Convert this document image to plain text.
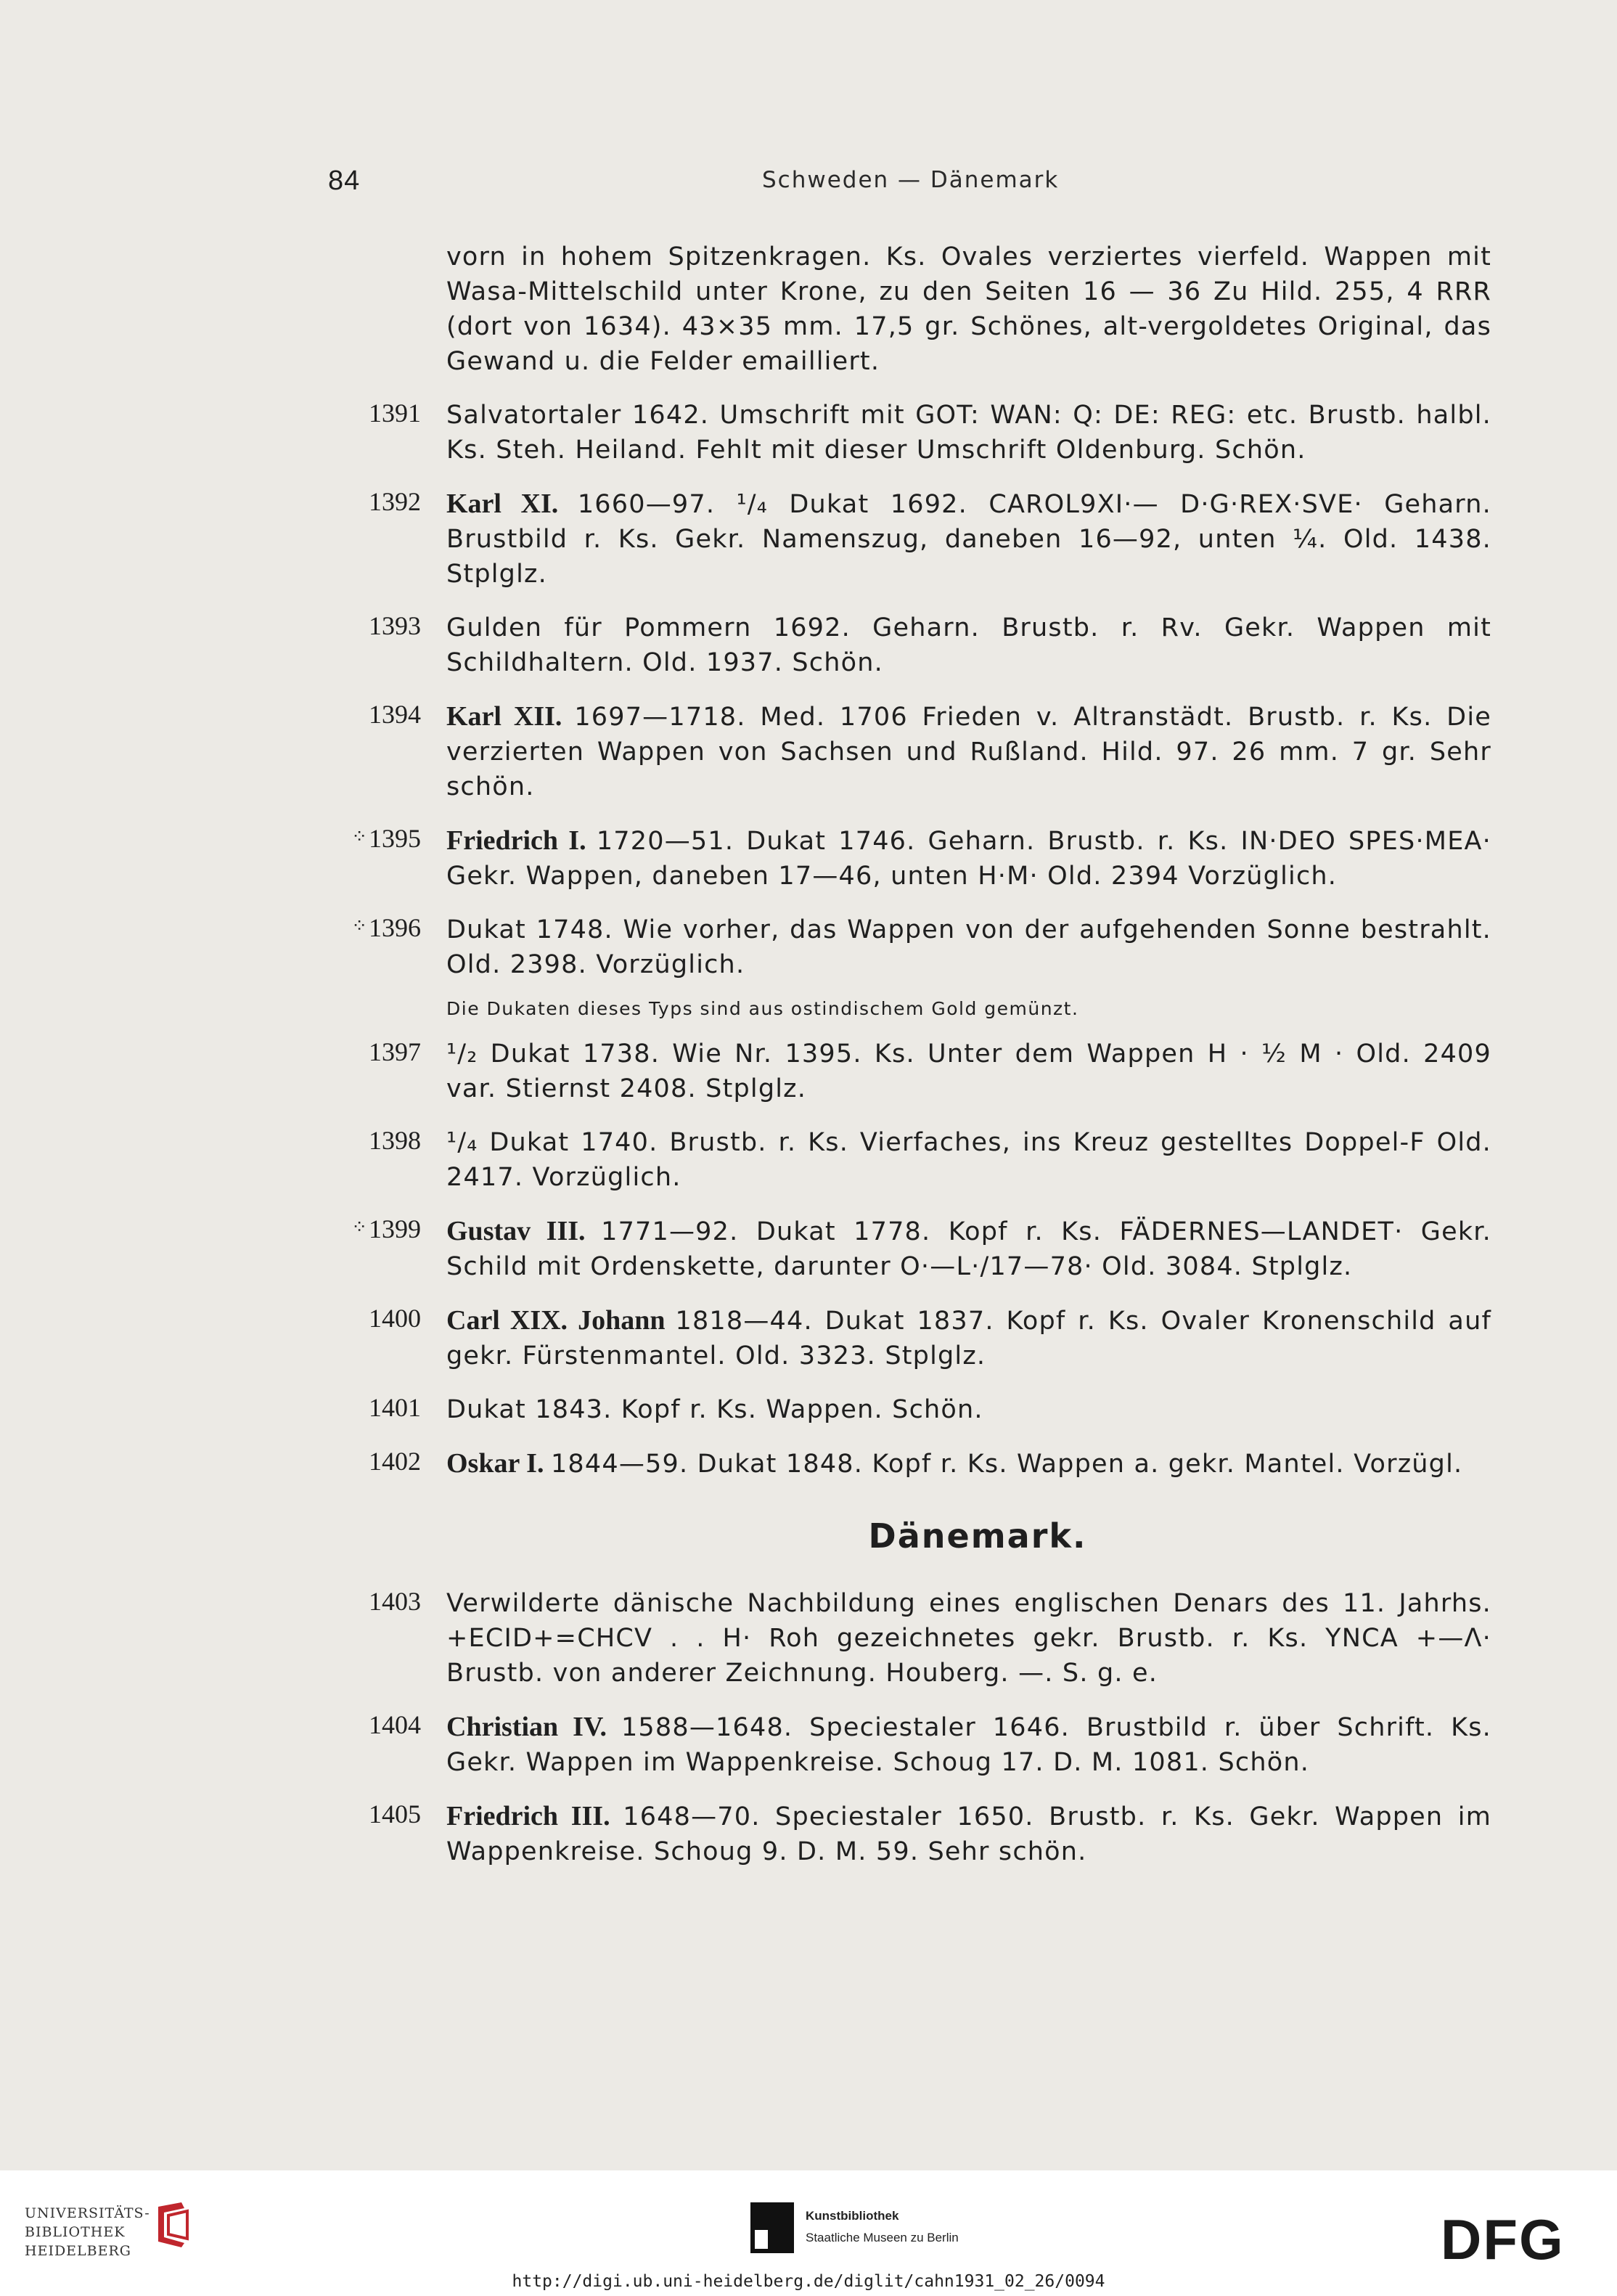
84	Schweden — Dänemark
vorn in hohem Spitzenkragen. Ks. Ovales verziertes vierfeld. Wappen mit Wasa-Mittelschild unter Krone, zu den Seiten 16 — 36 Zu Hild. 255, 4 RRR (dort von 1634). 43×35 mm. 17,5 gr. Schönes, alt-vergoldetes Original, das Gewand u. die Felder emailliert.
1391 Salvatortaler 1642. Umschrift mit GOT: WAN: Q: DE: REG: etc. Brustb. halbl. Ks. Steh. Heiland. Fehlt mit dieser Umschrift Oldenburg. Schön.
1392 Karl XI. 1660—97. ¹/₄ Dukat 1692. CAROL9XI·— D·G·REX·SVE· Geharn. Brustbild r. Ks. Gekr. Namenszug, daneben 16—92, unten ¼. Old. 1438. Stplglz.
1393 Gulden für Pommern 1692. Geharn. Brustb. r. Rv. Gekr. Wappen mit Schildhaltern. Old. 1937. Schön.
1394 Karl XII. 1697—1718. Med. 1706 Frieden v. Altranstädt. Brustb. r. Ks. Die verzierten Wappen von Sachsen und Rußland. Hild. 97. 26 mm. 7 gr. Sehr schön.
⁘1395 Friedrich I. 1720—51. Dukat 1746. Geharn. Brustb. r. Ks. IN·DEO SPES·MEA· Gekr. Wappen, daneben 17—46, unten H·M· Old. 2394 Vorzüglich.
⁘1396 Dukat 1748. Wie vorher, das Wappen von der aufgehenden Sonne bestrahlt. Old. 2398. Vorzüglich.
Die Dukaten dieses Typs sind aus ostindischem Gold gemünzt.
1397 ¹/₂ Dukat 1738. Wie Nr. 1395. Ks. Unter dem Wappen H · ½ M · Old. 2409 var. Stiernst 2408. Stplglz.
1398 ¹/₄ Dukat 1740. Brustb. r. Ks. Vierfaches, ins Kreuz gestelltes Doppel-F Old. 2417. Vorzüglich.
⁘1399 Gustav III. 1771—92. Dukat 1778. Kopf r. Ks. FÄDERNES—LANDET· Gekr. Schild mit Ordenskette, darunter O·—L·/17—78· Old. 3084. Stplglz.
1400 Carl XIX. Johann 1818—44. Dukat 1837. Kopf r. Ks. Ovaler Kronenschild auf gekr. Fürstenmantel. Old. 3323. Stplglz.
1401 Dukat 1843. Kopf r. Ks. Wappen. Schön.
1402 Oskar I. 1844—59. Dukat 1848. Kopf r. Ks. Wappen a. gekr. Mantel. Vorzügl.
Dänemark.
1403 Verwilderte dänische Nachbildung eines englischen Denars des 11. Jahrhs. +ECID+=CHCV . . H· Roh gezeichnetes gekr. Brustb. r. Ks. YNCA +—Λ· Brustb. von anderer Zeichnung. Houberg. —. S. g. e.
1404 Christian IV. 1588—1648. Speciestaler 1646. Brustbild r. über Schrift. Ks. Gekr. Wappen im Wappenkreise. Schoug 17. D. M. 1081. Schön.
1405 Friedrich III. 1648—70. Speciestaler 1650. Brustb. r. Ks. Gekr. Wappen im Wappenkreise. Schoug 9. D. M. 59. Sehr schön.
UNIVERSITÄTS-
BIBLIOTHEK
HEIDELBERG
Kunstbibliothek
Staatliche Museen zu Berlin	DFG
http://digi.ub.uni-heidelberg.de/diglit/cahn1931_02_26/0094
